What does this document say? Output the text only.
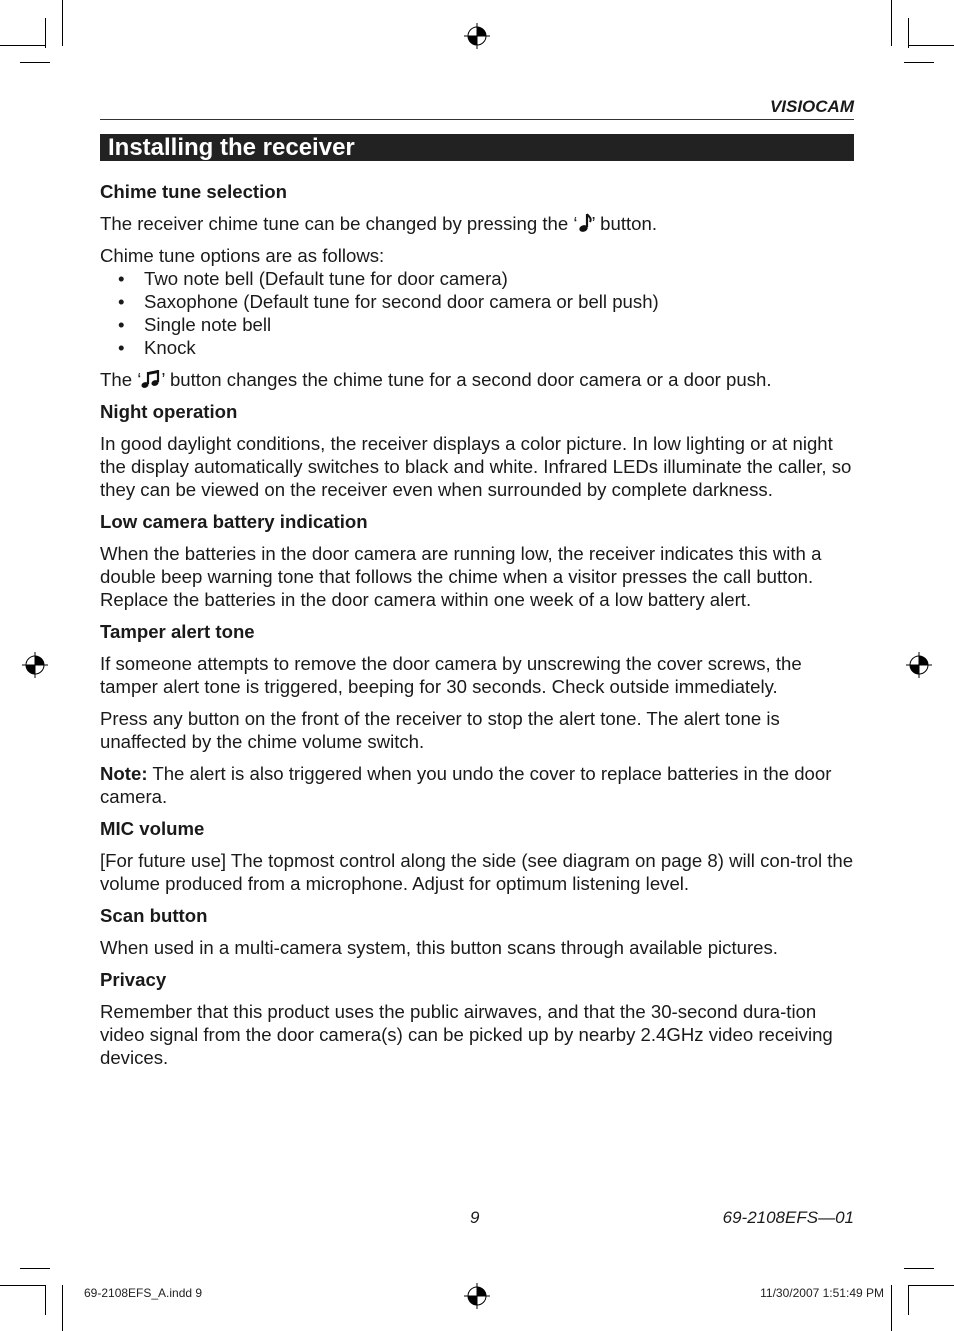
VISIOCAM
Installing the receiver
Chime tune selection

The receiver chime tune can be changed by pressing the ‘ ’ button.

Chime tune options are as follows:

• Two note bell (Default tune for door camera)
• Saxophone (Default tune for second door camera or bell push)
• Single note bell
• Knock

The ‘ ’ button changes the chime tune for a second door camera or a door push.

Night operation

In good daylight conditions, the receiver displays a color picture. In low lighting or at night the display automatically switches to black and white. Infrared LEDs illuminate the caller, so they can be viewed on the receiver even when surrounded by complete darkness.

Low camera battery indication

When the batteries in the door camera are running low, the receiver indicates this with a double beep warning tone that follows the chime when a visitor presses the call button. Replace the batteries in the door camera within one week of a low battery alert.

Tamper alert tone

If someone attempts to remove the door camera by unscrewing the cover screws, the tamper alert tone is triggered, beeping for 30 seconds. Check outside immediately.

Press any button on the front of the receiver to stop the alert tone. The alert tone is unaffected by the chime volume switch.

Note: The alert is also triggered when you undo the cover to replace batteries in the door camera.

MIC volume

[For future use] The topmost control along the side (see diagram on page 8) will con-trol the volume produced from a microphone. Adjust for optimum listening level.

Scan button

When used in a multi-camera system, this button scans through available pictures.

Privacy

Remember that this product uses the public airwaves, and that the 30-second dura-tion video signal from the door camera(s) can be picked up by nearby 2.4GHz video receiving devices.

9	69-2108EFS—01
69-2108EFS_A.indd 9	11/30/2007 1:51:49 PM
